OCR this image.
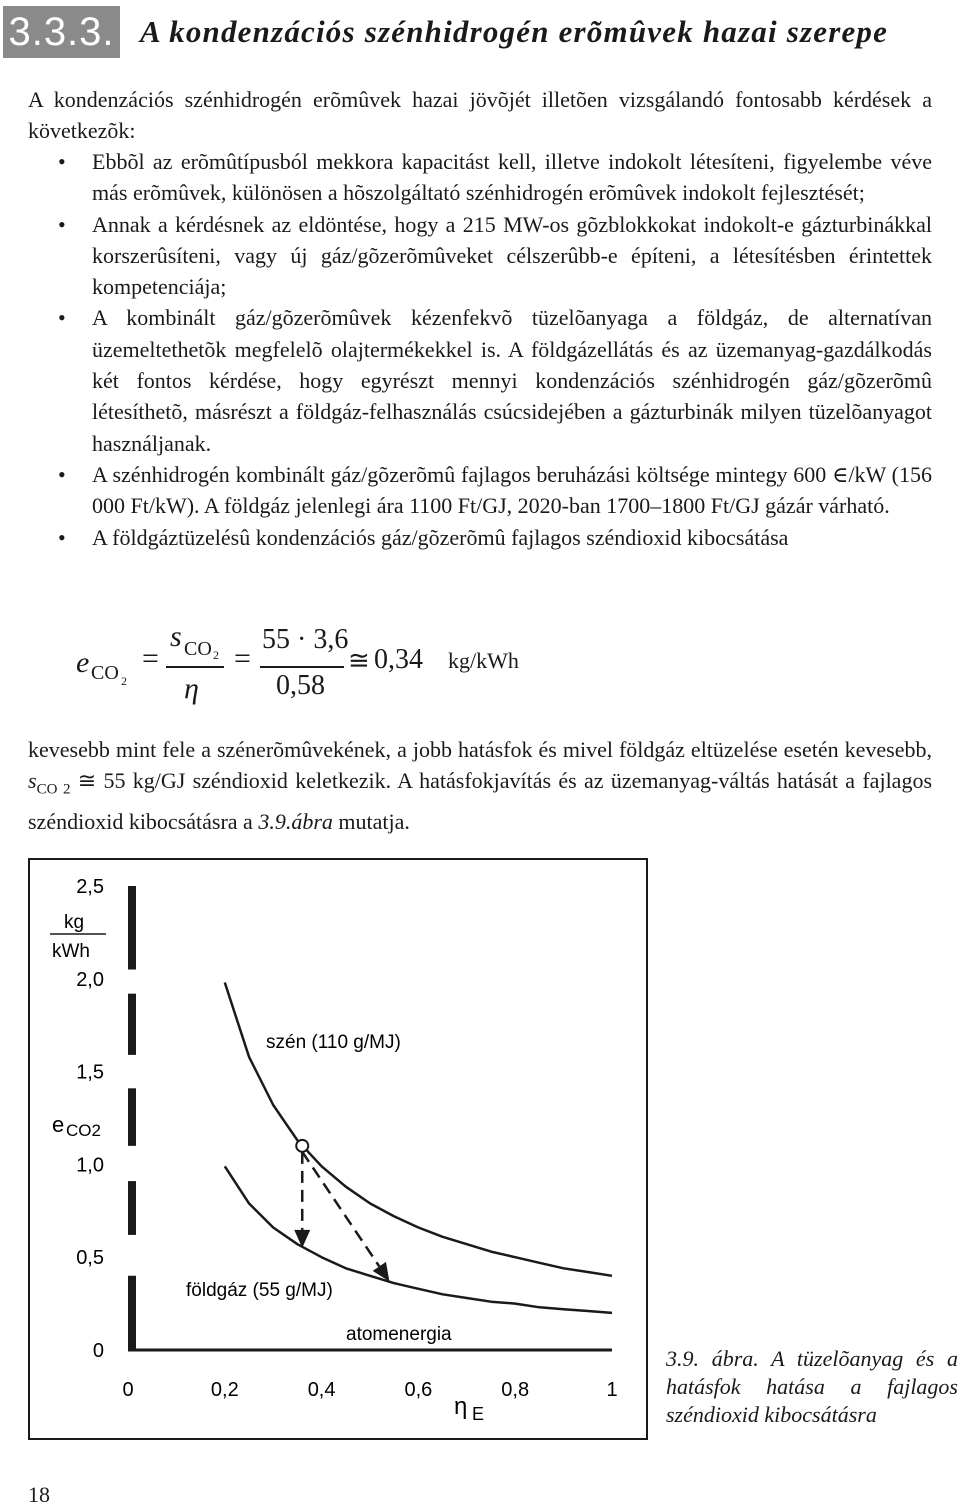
3.3.3. A kondenzációs szénhidrogén erõmûvek hazai szerepe
A kondenzációs szénhidrogén erõmûvek hazai jövõjét illetõen vizsgálandó fontosabb kérdések a következõk:
• Ebbõl az erõmûtípusból mekkora kapacitást kell, illetve indokolt létesíteni, figyelembe véve más erõmûvek, különösen a hõszolgáltató szénhidrogén erõmûvek indokolt fejlesztését;
• Annak a kérdésnek az eldöntése, hogy a 215 MW-os gõzblokkokat indokolt-e gázturbinákkal korszerûsíteni, vagy új gáz/gõzerõmûveket célszerûbb-e építeni, a létesítésben érintettek kompetenciája;
• A kombinált gáz/gõzerõmûvek kézenfekvõ tüzelõanyaga a földgáz, de alternatívan üzemeltethetõk megfelelõ olajtermékekkel is. A földgázellátás és az üzemanyag-gazdálkodás két fontos kérdése, hogy egyrészt mennyi kondenzációs szénhidrogén gáz/gõzerõmû létesíthetõ, másrészt a földgáz-felhasználás csúcsidejében a gázturbinák milyen tüzelõanyagot használjanak.
• A szénhidrogén kombinált gáz/gõzerõmû fajlagos beruházási költsége mintegy 600 ∈/kW (156 000 Ft/kW). A földgáz jelenlegi ára 1100 Ft/GJ, 2020-ban 1700–1800 Ft/GJ gázár várható.
• A földgáztüzelésû kondenzációs gáz/gõzerõmû fajlagos széndioxid kibocsátása
e CO 2
=
s CO 2
η
=
55 · 3,6
0,58
≅ 0,34 kg/kWh
kevesebb mint fele a szénerõmûvekének, a jobb hatásfok és mivel földgáz eltüzelése esetén kevesebb, $s_{CO 2}$ ≅ 55 kg/GJ széndioxid keletkezik. A hatásfokjavítás és az üzemanyag-váltás hatását a fajlagos széndioxid kibocsátásra a 3.9.ábra mutatja.
0
0,5
1,0
1,5
2,0
2,5
0	0,2	0,4	0,6	0,8	1
kg
kWh
e CO2
η E
szén (110 g/MJ)
földgáz (55 g/MJ)
atomenergia
3.9. ábra. A tüzelõanyag és a hatásfok hatása a fajlagos széndioxid kibocsátásra
18
